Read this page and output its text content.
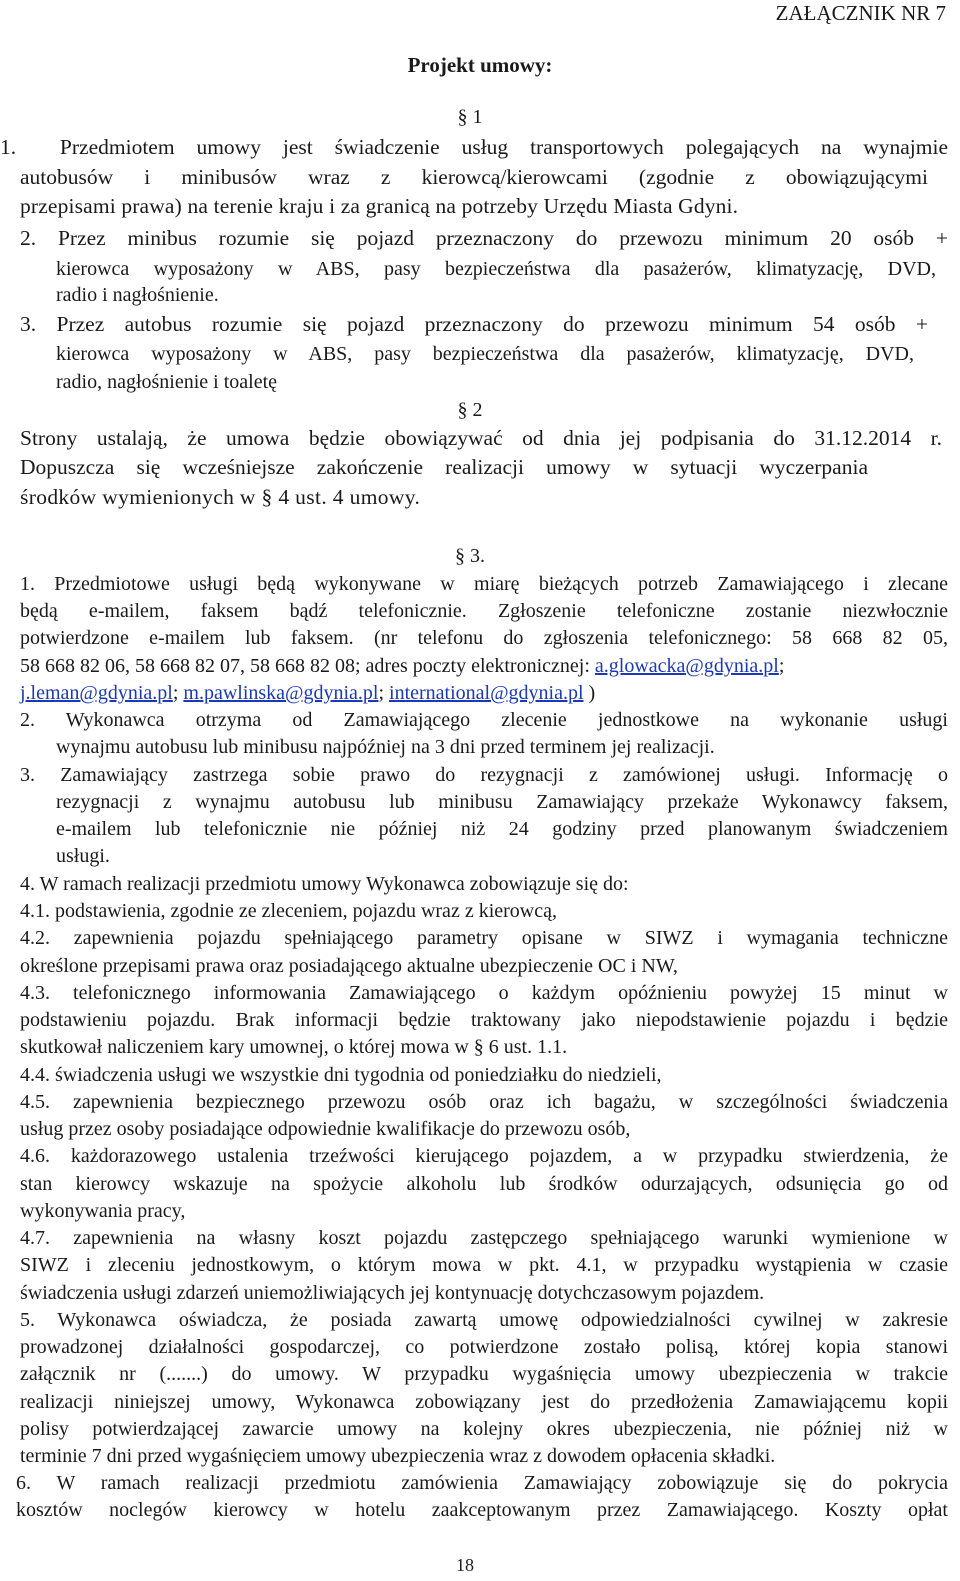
ZAŁĄCZNIK NR 7
Projekt umowy:
§ 1
1.  Przedmiotem umowy jest świadczenie usług transportowych polegających na wynajmie
autobusów i minibusów wraz z kierowcą/kierowcami (zgodnie z obowiązującymi
przepisami prawa) na terenie kraju i za granicą na potrzeby Urzędu Miasta Gdyni.
2. Przez minibus rozumie się pojazd przeznaczony do przewozu minimum 20 osób +
kierowca wyposażony w ABS, pasy bezpieczeństwa dla pasażerów, klimatyzację, DVD,
radio i nagłośnienie.
3. Przez autobus rozumie się pojazd przeznaczony do przewozu minimum 54 osób +
kierowca wyposażony w ABS, pasy bezpieczeństwa dla pasażerów, klimatyzację, DVD,
radio, nagłośnienie i toaletę
§ 2
Strony ustalają, że umowa będzie obowiązywać od dnia jej podpisania do 31.12.2014 r.
Dopuszcza się wcześniejsze zakończenie realizacji umowy w sytuacji wyczerpania
środków wymienionych w § 4 ust. 4 umowy.
§ 3.
1. Przedmiotowe usługi będą wykonywane w miarę bieżących potrzeb Zamawiającego i zlecane
będą e-mailem, faksem bądź telefonicznie. Zgłoszenie telefoniczne zostanie niezwłocznie
potwierdzone e-mailem lub faksem. (nr telefonu do zgłoszenia telefonicznego: 58 668 82 05,
58 668 82 06, 58 668 82 07, 58 668 82 08; adres poczty elektronicznej: a.glowacka@gdynia.pl;
j.leman@gdynia.pl; m.pawlinska@gdynia.pl; international@gdynia.pl )
2. Wykonawca otrzyma od Zamawiającego zlecenie jednostkowe na wykonanie usługi
wynajmu autobusu lub minibusu najpóźniej na 3 dni przed terminem jej realizacji.
3. Zamawiający zastrzega sobie prawo do rezygnacji z zamówionej usługi. Informację o
rezygnacji z wynajmu autobusu lub minibusu Zamawiający przekaże Wykonawcy faksem,
e-mailem lub telefonicznie nie później niż 24 godziny przed planowanym świadczeniem
usługi.
4. W ramach realizacji przedmiotu umowy Wykonawca zobowiązuje się do:
4.1. podstawienia, zgodnie ze zleceniem, pojazdu wraz z kierowcą,
4.2. zapewnienia pojazdu spełniającego parametry opisane w SIWZ i wymagania techniczne
określone przepisami prawa oraz posiadającego aktualne ubezpieczenie OC i NW,
4.3. telefonicznego informowania Zamawiającego o każdym opóźnieniu powyżej 15 minut w
podstawieniu pojazdu. Brak informacji będzie traktowany jako niepodstawienie pojazdu i będzie
skutkował naliczeniem kary umownej, o której mowa w § 6 ust. 1.1.
4.4. świadczenia usługi we wszystkie dni tygodnia od poniedziałku do niedzieli,
4.5. zapewnienia bezpiecznego przewozu osób oraz ich bagażu, w szczególności świadczenia
usług przez osoby posiadające odpowiednie kwalifikacje do przewozu osób,
4.6. każdorazowego ustalenia trzeźwości kierującego pojazdem, a w przypadku stwierdzenia, że
stan kierowcy wskazuje na spożycie alkoholu lub środków odurzających, odsunięcia go od
wykonywania pracy,
4.7. zapewnienia na własny koszt pojazdu zastępczego spełniającego warunki wymienione w
SIWZ i zleceniu jednostkowym, o którym mowa w pkt. 4.1, w przypadku wystąpienia w czasie
świadczenia usługi zdarzeń uniemożliwiających jej kontynuację dotychczasowym pojazdem.
5. Wykonawca oświadcza, że posiada zawartą umowę odpowiedzialności cywilnej w zakresie
prowadzonej działalności gospodarczej, co potwierdzone zostało polisą, której kopia stanowi
załącznik nr (.......) do umowy. W przypadku wygaśnięcia umowy ubezpieczenia w trakcie
realizacji niniejszej umowy, Wykonawca zobowiązany jest do przedłożenia Zamawiającemu kopii
polisy potwierdzającej zawarcie umowy na kolejny okres ubezpieczenia, nie później niż w
terminie 7 dni przed wygaśnięciem umowy ubezpieczenia wraz z dowodem opłacenia składki.
6. W ramach realizacji przedmiotu zamówienia Zamawiający zobowiązuje się do pokrycia
kosztów noclegów kierowcy w hotelu zaakceptowanym przez Zamawiającego. Koszty opłat
18
